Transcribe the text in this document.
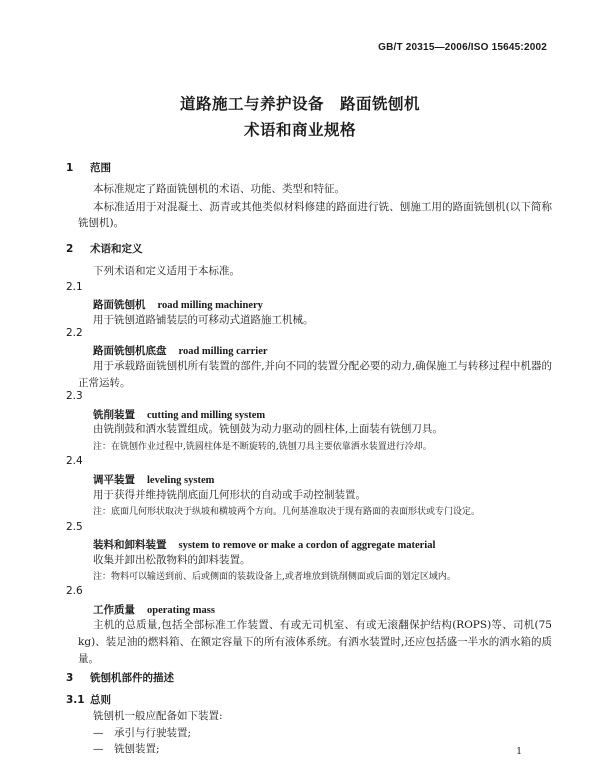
GB/T 20315—2006/ISO 15645:2002
道路施工与养护设备　路面铣刨机
术语和商业规格
1 范围
本标准规定了路面铣刨机的术语、功能、类型和特征。
本标准适用于对混凝土、沥青或其他类似材料修建的路面进行铣、刨施工用的路面铣刨机(以下简称铣刨机)。
2 术语和定义
下列术语和定义适用于本标准。
2.1
路面铣刨机 road milling machinery
用于铣刨道路铺装层的可移动式道路施工机械。
2.2
路面铣刨机底盘 road milling carrier
用于承载路面铣刨机所有装置的部件,并向不同的装置分配必要的动力,确保施工与转移过程中机器的正常运转。
2.3
铣削装置 cutting and milling system
由铣削鼓和洒水装置组成。铣刨鼓为动力驱动的圆柱体,上面装有铣刨刀具。
注：在铣刨作业过程中,铣圆柱体是不断旋转的,铣刨刀具主要依靠洒水装置进行冷却。
2.4
调平装置 leveling system
用于获得并维持铣削底面几何形状的自动或手动控制装置。
注：底面几何形状取决于纵坡和横坡两个方向。几何基准取决于现有路面的表面形状或专门设定。
2.5
装料和卸料装置 system to remove or make a cordon of aggregate material
收集并卸出松散物料的卸料装置。
注：物料可以输送到前、后或侧面的装载设备上,或者堆放到铣削侧面或后面的划定区域内。
2.6
工作质量 operating mass
主机的总质量,包括全部标准工作装置、有或无司机室、有或无滚翻保护结构(ROPS)等、司机(75 kg)、装足油的燃料箱、在额定容量下的所有液体系统。有洒水装置时,还应包括盛一半水的洒水箱的质量。
3 铣刨机部件的描述
3.1 总则
铣刨机一般应配备如下装置:
—　承引与行驶装置;
—　铣刨装置;	1
